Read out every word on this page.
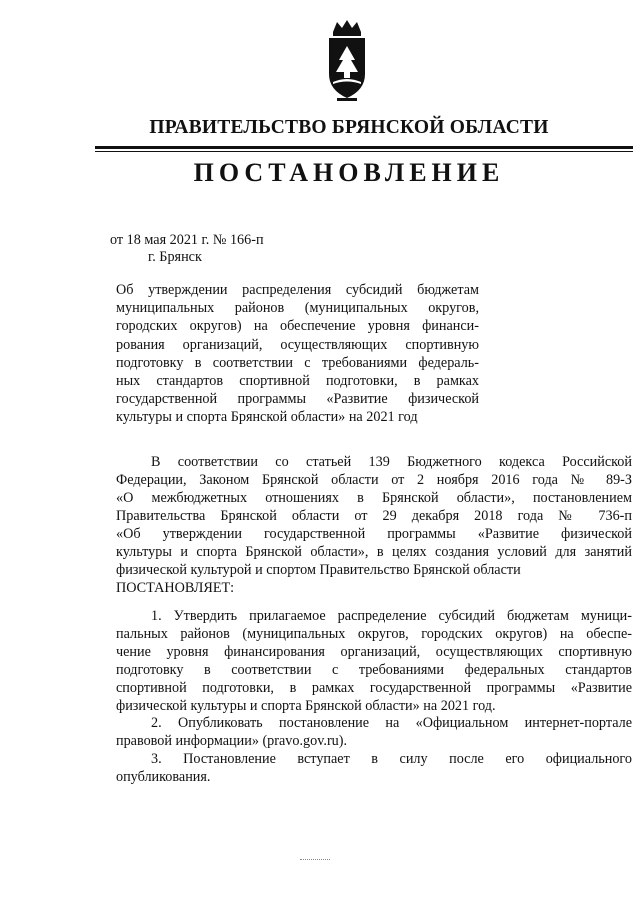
ПРАВИТЕЛЬСТВО БРЯНСКОЙ ОБЛАСТИ
ПОСТАНОВЛЕНИЕ
от 18 мая 2021 г. № 166-п
г. Брянск
Об утверждении распределения субсидий бюджетам
муниципальных районов (муниципальных округов,
городских округов) на обеспечение уровня финанси-
рования организаций, осуществляющих спортивную
подготовку в соответствии с требованиями федераль-
ных стандартов спортивной подготовки, в рамках
государственной программы «Развитие физической
культуры и спорта Брянской области» на 2021 год
В соответствии со статьей 139 Бюджетного кодекса Российской
Федерации, Законом Брянской области от 2 ноября 2016 года № 89-З
«О межбюджетных отношениях в Брянской области», постановлением
Правительства Брянской области от 29 декабря 2018 года № 736-п
«Об утверждении государственной программы «Развитие физической
культуры и спорта Брянской области», в целях создания условий для занятий
физической культурой и спортом Правительство Брянской области
ПОСТАНОВЛЯЕТ:
1. Утвердить прилагаемое распределение субсидий бюджетам муници-
пальных районов (муниципальных округов, городских округов) на обеспе-
чение уровня финансирования организаций, осуществляющих спортивную
подготовку в соответствии с требованиями федеральных стандартов
спортивной подготовки, в рамках государственной программы «Развитие
физической культуры и спорта Брянской области» на 2021 год.
2. Опубликовать постановление на «Официальном интернет-портале
правовой информации» (pravo.gov.ru).
3. Постановление вступает в силу после его официального
опубликования.
